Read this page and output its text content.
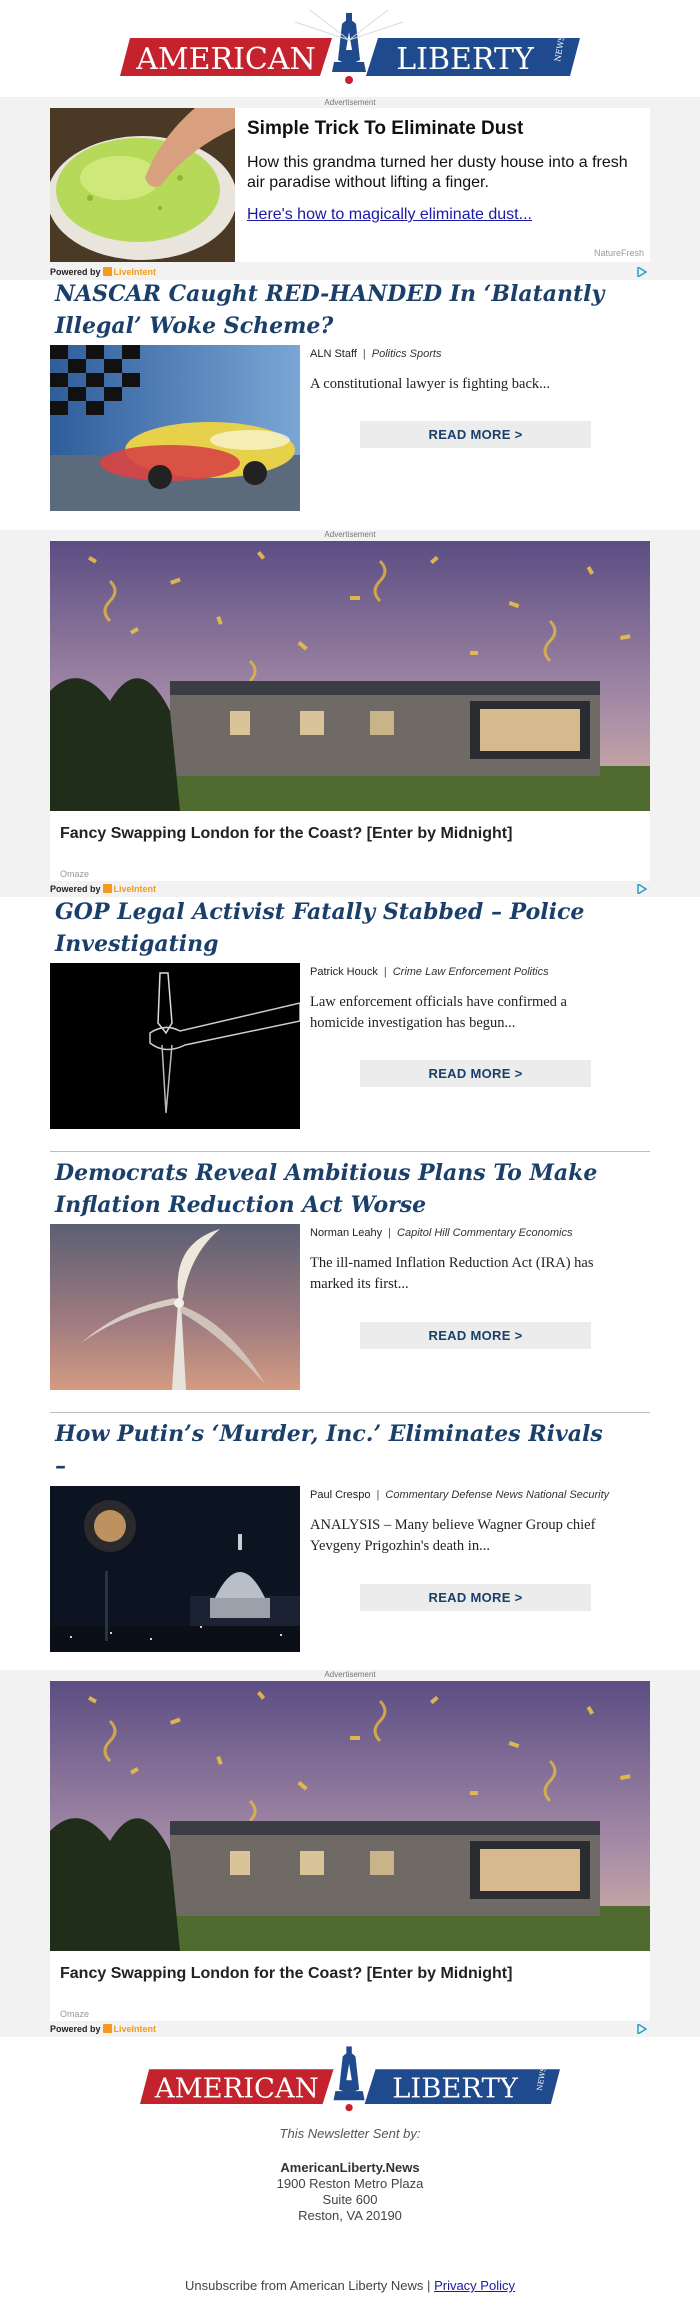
AMERICAN	LIBERTY NEWS
Advertisement
Simple Trick To Eliminate Dust
How this grandma turned her dusty house into a fresh air paradise without lifting a finger.
Here's how to magically eliminate dust...
NatureFresh
Powered by LiveIntent
NASCAR Caught RED-HANDED In ‘Blatantly
Illegal’ Woke Scheme?
ALN Staff | Politics Sports
A constitutional lawyer is fighting back...
READ MORE >
Advertisement
Fancy Swapping London for the Coast? [Enter by Midnight]
Omaze
Powered by LiveIntent
GOP Legal Activist Fatally Stabbed – Police
Investigating
Patrick Houck | Crime Law Enforcement Politics
Law enforcement officials have confirmed a
homicide investigation has begun...
READ MORE >
Democrats Reveal Ambitious Plans To Make
Inflation Reduction Act Worse
Norman Leahy | Capitol Hill Commentary Economics
The ill-named Inflation Reduction Act (IRA) has
marked its first...
READ MORE >
How Putin’s ‘Murder, Inc.’ Eliminates Rivals –
Paul Crespo | Commentary Defense News National Security
ANALYSIS – Many believe Wagner Group chief
Yevgeny Prigozhin's death in...
READ MORE >
Advertisement
Fancy Swapping London for the Coast? [Enter by Midnight]
Omaze
Powered by LiveIntent
AMERICAN LIBERTY NEWS
This Newsletter Sent by:
AmericanLiberty.News
1900 Reston Metro Plaza
Suite 600
Reston, VA 20190
Unsubscribe from American Liberty News | Privacy Policy
